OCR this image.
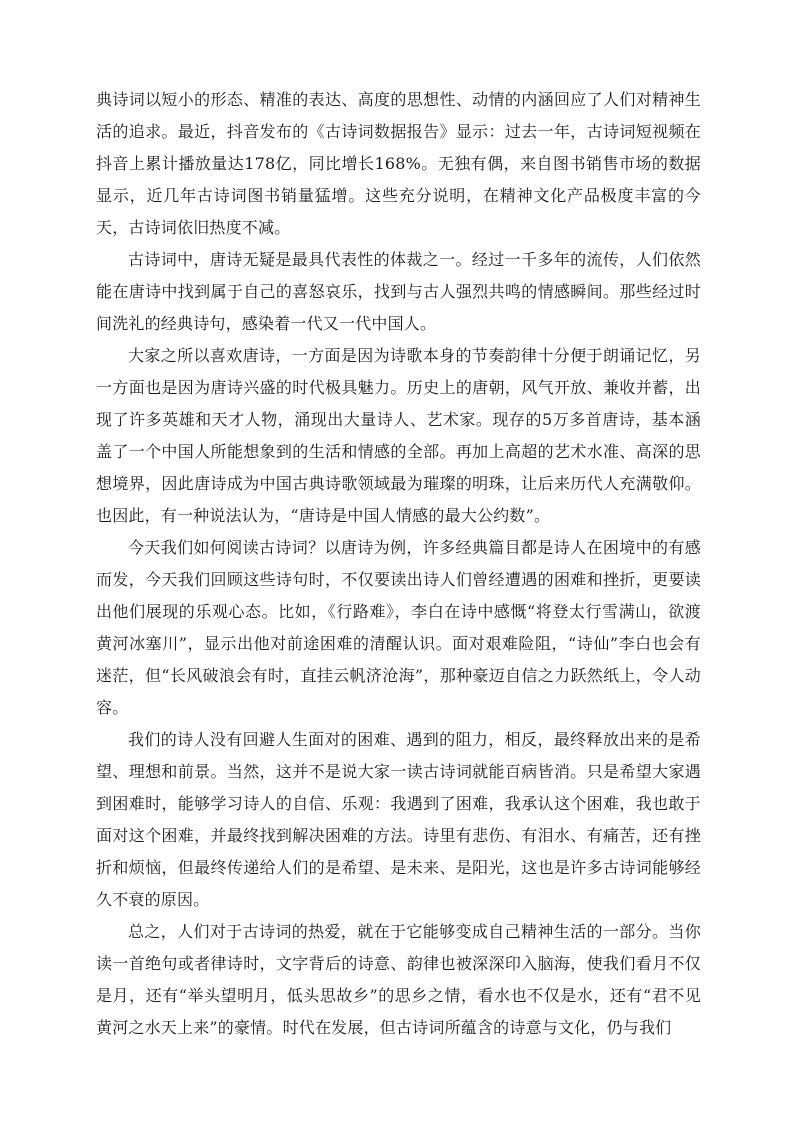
典诗词以短小的形态、精准的表达、高度的思想性、动情的内涵回应了人们对精神生活的追求。最近，抖音发布的《古诗词数据报告》显示：过去一年，古诗词短视频在抖音上累计播放量达178亿，同比增长168%。无独有偶，来自图书销售市场的数据显示，近几年古诗词图书销量猛增。这些充分说明，在精神文化产品极度丰富的今天，古诗词依旧热度不减。

古诗词中，唐诗无疑是最具代表性的体裁之一。经过一千多年的流传，人们依然能在唐诗中找到属于自己的喜怒哀乐，找到与古人强烈共鸣的情感瞬间。那些经过时间洗礼的经典诗句，感染着一代又一代中国人。

大家之所以喜欢唐诗，一方面是因为诗歌本身的节奏韵律十分便于朗诵记忆，另一方面也是因为唐诗兴盛的时代极具魅力。历史上的唐朝，风气开放、兼收并蓄，出现了许多英雄和天才人物，涌现出大量诗人、艺术家。现存的5万多首唐诗，基本涵盖了一个中国人所能想象到的生活和情感的全部。再加上高超的艺术水准、高深的思想境界，因此唐诗成为中国古典诗歌领域最为璀璨的明珠，让后来历代人充满敬仰。也因此，有一种说法认为，“唐诗是中国人情感的最大公约数”。

今天我们如何阅读古诗词？以唐诗为例，许多经典篇目都是诗人在困境中的有感而发，今天我们回顾这些诗句时，不仅要读出诗人们曾经遭遇的困难和挫折，更要读出他们展现的乐观心态。比如，《行路难》，李白在诗中感慨“将登太行雪满山，欲渡黄河冰塞川”，显示出他对前途困难的清醒认识。面对艰难险阻，“诗仙”李白也会有迷茫，但“长风破浪会有时，直挂云帆济沧海”，那种豪迈自信之力跃然纸上，令人动容。

我们的诗人没有回避人生面对的困难、遇到的阻力，相反，最终释放出来的是希望、理想和前景。当然，这并不是说大家一读古诗词就能百病皆消。只是希望大家遇到困难时，能够学习诗人的自信、乐观：我遇到了困难，我承认这个困难，我也敢于面对这个困难，并最终找到解决困难的方法。诗里有悲伤、有泪水、有痛苦，还有挫折和烦恼，但最终传递给人们的是希望、是未来、是阳光，这也是许多古诗词能够经久不衰的原因。

总之，人们对于古诗词的热爱，就在于它能够变成自己精神生活的一部分。当你读一首绝句或者律诗时，文字背后的诗意、韵律也被深深印入脑海，使我们看月不仅是月，还有“举头望明月，低头思故乡”的思乡之情，看水也不仅是水，还有“君不见黄河之水天上来”的豪情。时代在发展，但古诗词所蕴含的诗意与文化，仍与我们
